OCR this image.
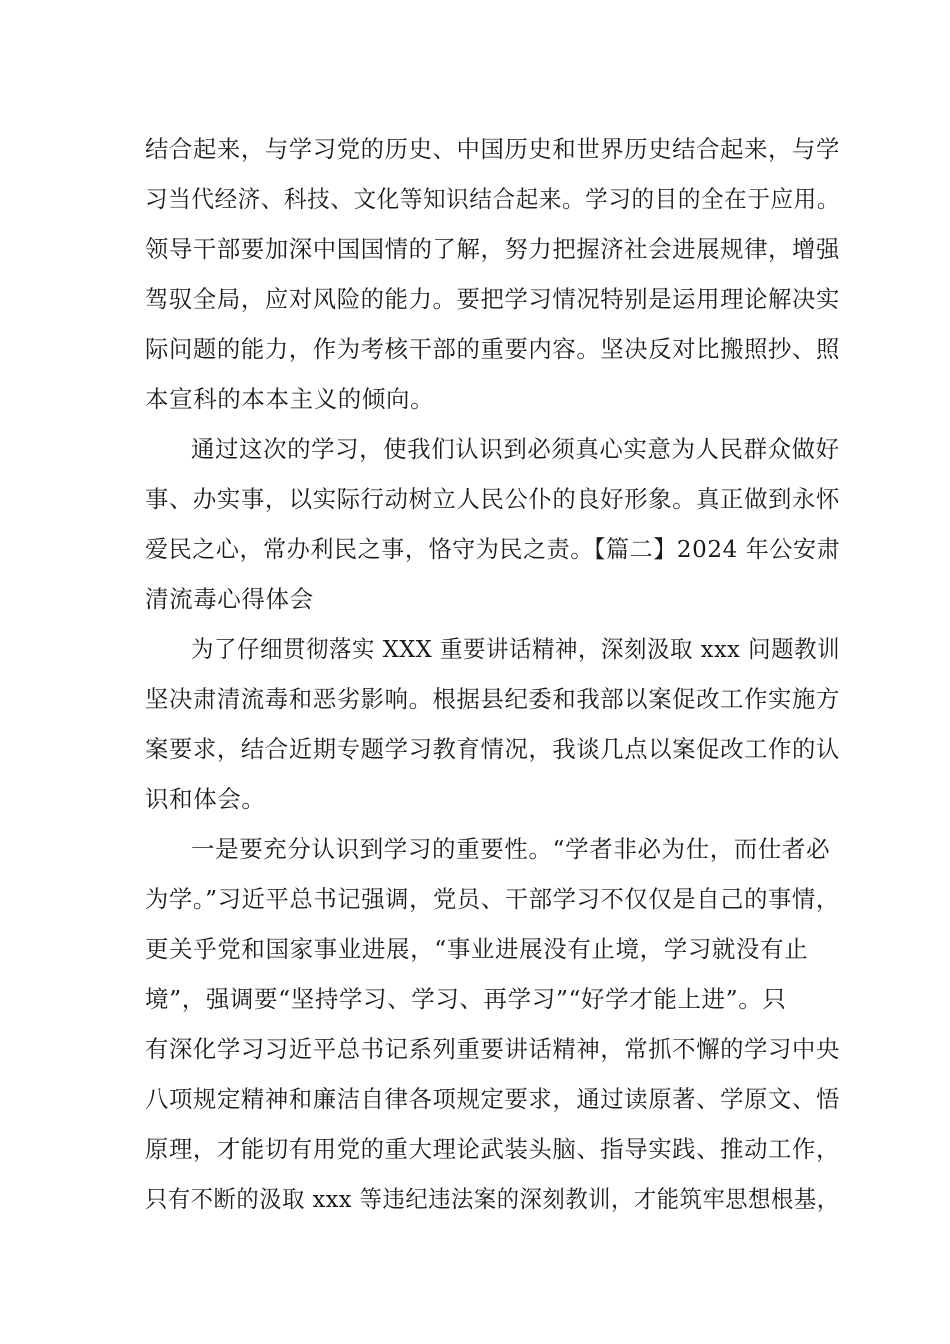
结合起来，与学习党的历史、中国历史和世界历史结合起来，与学
习当代经济、科技、文化等知识结合起来。学习的目的全在于应用。
领导干部要加深中国国情的了解，努力把握济社会进展规律，增强
驾驭全局，应对风险的能力。要把学习情况特别是运用理论解决实
际问题的能力，作为考核干部的重要内容。坚决反对比搬照抄、照
本宣科的本本主义的倾向。
通过这次的学习，使我们认识到必须真心实意为人民群众做好
事、办实事，以实际行动树立人民公仆的良好形象。真正做到永怀
爱民之心，常办利民之事，恪守为民之责。【篇二】2024 年公安肃
清流毒心得体会
为了仔细贯彻落实 XXX 重要讲话精神，深刻汲取 xxx 问题教训
坚决肃清流毒和恶劣影响。根据县纪委和我部以案促改工作实施方
案要求，结合近期专题学习教育情况，我谈几点以案促改工作的认
识和体会。
一是要充分认识到学习的重要性。“学者非必为仕，而仕者必
为学。”习近平总书记强调，党员、干部学习不仅仅是自己的事情，
更关乎党和国家事业进展，“事业进展没有止境，学习就没有止
境”，强调要“坚持学习、学习、再学习”“好学才能上进”。只
有深化学习习近平总书记系列重要讲话精神，常抓不懈的学习中央
八项规定精神和廉洁自律各项规定要求，通过读原著、学原文、悟
原理，才能切有用党的重大理论武装头脑、指导实践、推动工作，
只有不断的汲取 xxx 等违纪违法案的深刻教训，才能筑牢思想根基，
